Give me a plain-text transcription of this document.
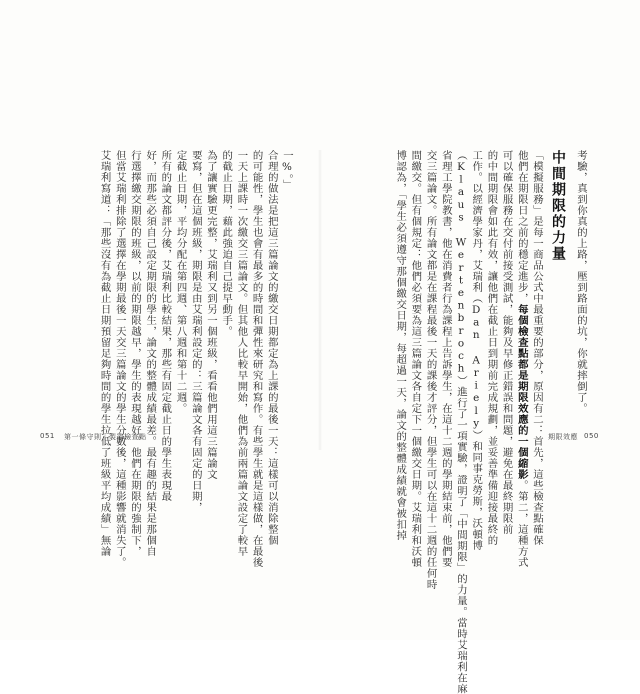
考驗，真到你真的上路，壓到路面的坑，你就摔倒了。
中間期限的力量
「模擬服務」是每一商品公式中最重要的部分，原因有二：首先，這些檢查點確保
他們在期限日之前的穩定進步，每個檢查點都是期限效應的一個縮影。第二，這種方式
可以確保服務在交付前接受測試，能夠及早修正錯誤和問題，避免在最終期限前
的中間期限會如此有效，讓他們在截止日到期前完成規劃，並妥善準備迎接最終的
工作。以經濟學家丹，艾瑞利（Dan Ariely）和同事克勞斯，沃頓博
（Klaus Wertenbroch）進行了一項實驗，證明了「中間期限」的力量。當時艾瑞利在麻
省理工學院教書，他在消費者行為課程上告訴學生，在這十二週的學期結束前，他們要
交三篇論文。所有論文都是在課程最後一天的課後才評分，但學生可以在這十二週的任何時
間繳交。但有個規定：他們必須要為這三篇論文各自定下一個繳交日期。艾瑞利和沃頓
博認為，「學生必須遵守那個繳交日期，每超過一天，論文的整體成績就會被扣掉	期限效應 050
一%。」
合理的做法是把這三篇論文的繳交日期都定為上課的最後一天：這樣可以消除整個
的可能性，學生也會有最多的時間和彈性來研究和寫作。有些學生就是這樣做，在最後
一天上課時一次繳交三篇論文。但其他人比較早開始，他們為前兩篇論文設定了較早
的截止日期，藉此強迫自己提早動手。
為了讓實驗更完整，艾瑞利又到另一個班級，看看他們用這三篇論文
要寫，但在這個班級，期限是由艾瑞利設定的：三篇論文各有固定的日期，
定截止日期，平均分配在第四週、第八週和第十二週。
所有的論文都評分後，艾瑞利比較結果，那些有固定截止日的學生表現最
好，而那些必須自己設定期限的學生，論文的整體成績最差。最有趣的結果是那個自
行選擇繳交期限的班級，以前的期限越早，學生的表現越好。他們在期限的強制下，
但當艾瑞利排除了選擇在學期最後一天交三篇論文的學生分數後，這種影響就消失了。
艾瑞利寫道：「那些沒有為截止日期預留足夠時間的學生拉低了班級平均成績」無論
051 第一條守則｜製造檢查點
